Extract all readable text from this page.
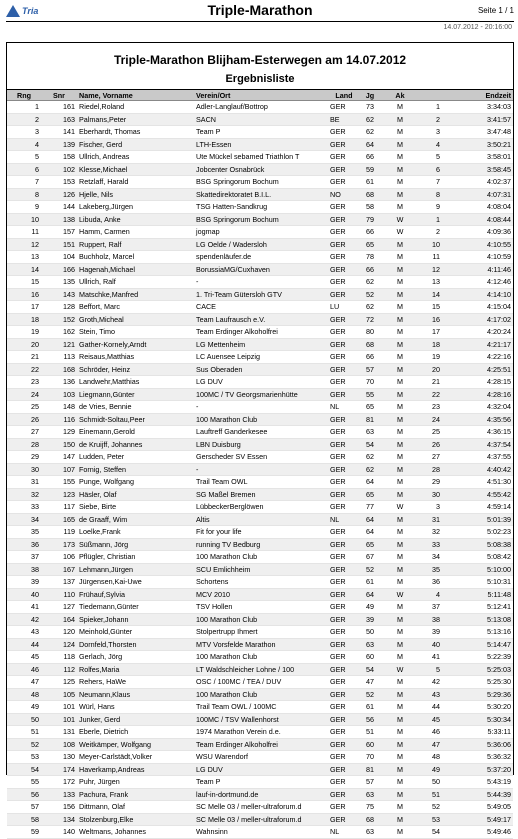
Tria	Triple-Marathon	Seite 1 / 1
14.07.2012 - 20:16:00
Triple-Marathon Blijham-Esterwegen am 14.07.2012
Ergebnisliste
Rng	Snr	Name, Vorname	Verein/Ort	Land	Jg	Ak		Endzeit
1	161	Riedel,Roland	Adler-Langlauf/Bottrop	GER	73	M	1	3:34:03
2	163	Palmans,Peter	SACN	BE	62	M	2	3:41:57
3	141	Eberhardt, Thomas	Team P	GER	62	M	3	3:47:48
4	139	Fischer, Gerd	LTH-Essen	GER	64	M	4	3:50:21
5	158	Ullrich, Andreas	Ute Mückel sebamed Triathlon T	GER	66	M	5	3:58:01
6	102	Klesse,Michael	Jobcenter Osnabrück	GER	59	M	6	3:58:45
7	153	Retzlaff, Harald	BSG Springorum Bochum	GER	61	M	7	4:02:37
8	126	Hjelle, Nils	Skattedirektoratet B.I.L.	NO	68	M	8	4:07:31
9	144	Lakeberg,Jürgen	TSG Hatten-Sandkrug	GER	58	M	9	4:08:04
10	138	Libuda, Anke	BSG Springorum Bochum	GER	79	W	1	4:08:44
11	157	Hamm, Carmen	jogmap	GER	66	W	2	4:09:36
12	151	Ruppert, Ralf	LG Oelde / Wadersloh	GER	65	M	10	4:10:55
13	104	Buchholz, Marcel	spendenläufer.de	GER	78	M	11	4:10:59
14	166	Hagenah,Michael	BorussiaMG/Cuxhaven	GER	66	M	12	4:11:46
15	135	Ullrich, Ralf	-	GER	62	M	13	4:12:46
16	143	Matschke,Manfred	1. Tri-Team Gütersloh GTV	GER	52	M	14	4:14:10
17	128	Beffort, Marc	CACE	LU	62	M	15	4:15:04
18	152	Groth,Micheal	Team Laufrausch e.V.	GER	72	M	16	4:17:02
19	162	Stein, Timo	Team Erdinger Alkoholfrei	GER	80	M	17	4:20:24
20	121	Gather-Kornely,Arndt	LG Mettenheim	GER	68	M	18	4:21:17
21	113	Reisaus,Matthias	LC Auensee Leipzig	GER	66	M	19	4:22:16
22	168	Schröder, Heinz	Sus Oberaden	GER	57	M	20	4:25:51
23	136	Landwehr,Matthias	LG DUV	GER	70	M	21	4:28:15
24	103	Liegmann,Günter	100MC / TV Georgsmarienhütte	GER	55	M	22	4:28:16
25	148	de Vries, Bennie	-	NL	65	M	23	4:32:04
26	116	Schmidt-Soltau,Peer	100 Marathon Club	GER	81	M	24	4:35:56
27	129	Einemann,Gerold	Lauftreff Ganderkesee	GER	63	M	25	4:36:15
28	150	de Kruijff, Johannes	LBN Duisburg	GER	54	M	26	4:37:54
29	147	Ludden, Peter	Gerscheder SV Essen	GER	62	M	27	4:37:55
30	107	Fornig, Steffen	-	GER	62	M	28	4:40:42
31	155	Punge, Wolfgang	Trail Team OWL	GER	64	M	29	4:51:30
32	123	Häsler, Olaf	SG Maßel Bremen	GER	65	M	30	4:55:42
33	117	Siebe, Birte	LübbeckerBerglöwen	GER	77	W	3	4:59:14
34	165	de Graaff, Wim	Altis	NL	64	M	31	5:01:39
35	119	Loelke,Frank	Fit for your life	GER	64	M	32	5:02:23
36	173	Süßmann, Jörg	running TV Bedburg	GER	65	M	33	5:08:38
37	106	Pflügler, Christian	100 Marathon Club	GER	67	M	34	5:08:42
38	167	Lehmann,Jürgen	SCU Emlichheim	GER	52	M	35	5:10:00
39	137	Jürgensen,Kai-Uwe	Schortens	GER	61	M	36	5:10:31
40	110	Frühauf,Sylvia	MCV 2010	GER	64	W	4	5:11:48
41	127	Tiedemann,Günter	TSV Hollen	GER	49	M	37	5:12:41
42	164	Spieker,Johann	100 Marathon Club	GER	39	M	38	5:13:08
43	120	Meinhold,Günter	Stolpertrupp Ihmert	GER	50	M	39	5:13:16
44	124	Dornfeld,Thorsten	MTV Vorsfelde Marathon	GER	63	M	40	5:14:47
45	118	Gerlach, Jörg	100 Marathon Club	GER	60	M	41	5:22:39
46	112	Rolfes,Maria	LT Waldschleicher Lohne / 100	GER	54	W	5	5:25:03
47	125	Rehers, HaWe	OSC / 100MC / TEA / DUV	GER	47	M	42	5:25:30
48	105	Neumann,Klaus	100 Marathon Club	GER	52	M	43	5:29:36
49	101	Würl, Hans	Trail Team OWL / 100MC	GER	61	M	44	5:30:20
50	101	Junker, Gerd	100MC / TSV Wallenhorst	GER	56	M	45	5:30:34
51	131	Eberle, Dietrich	1974 Marathon Verein d.e.	GER	51	M	46	5:33:11
52	108	Weitkämper, Wolfgang	Team Erdinger Alkoholfrei	GER	60	M	47	5:36:06
53	130	Meyer-Carlstädt,Volker	WSU Warendorf	GER	70	M	48	5:36:32
54	174	Haverkamp,Andreas	LG DUV	GER	81	M	49	5:37:20
55	172	Puhr, Jürgen	Team P	GER	57	M	50	5:43:19
56	133	Pachura, Frank	lauf-in-dortmund.de	GER	63	M	51	5:44:39
57	156	Dittmann, Olaf	SC Melle 03 / meller-ultraforum.d	GER	75	M	52	5:49:05
58	134	Stolzenburg,Elke	SC Melle 03 / meller-ultraforum.d	GER	68	M	53	5:49:17
59	140	Weltmans, Johannes	Wahnsinn	NL	63	M	54	5:49:46
